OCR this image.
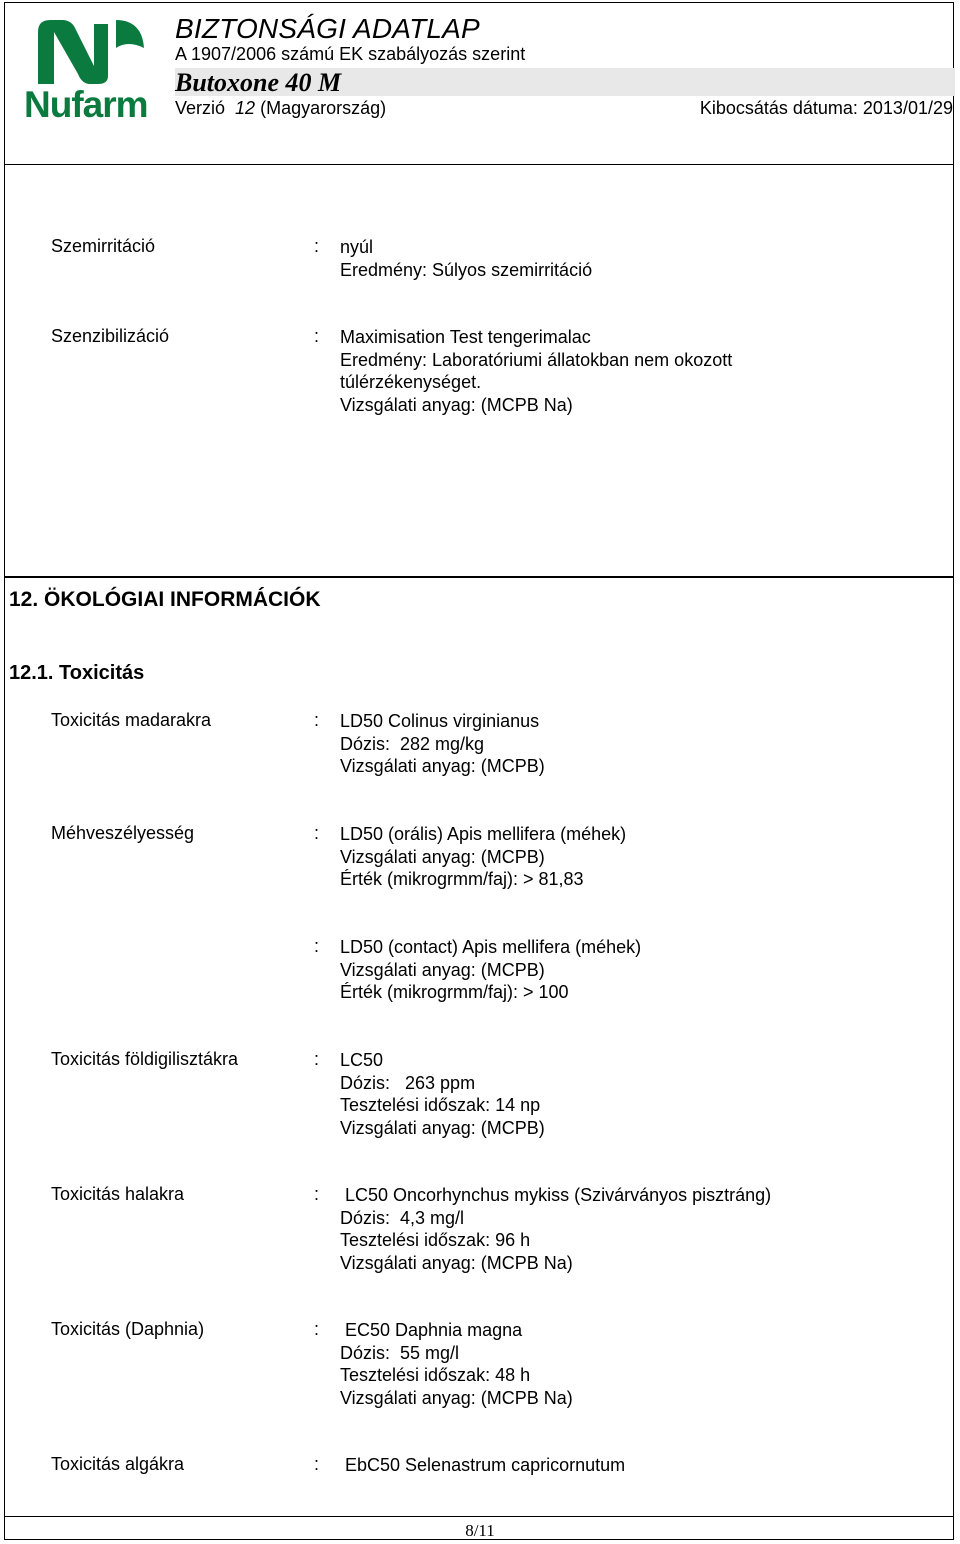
Nufarm
BIZTONSÁGI ADATLAP
A 1907/2006 számú EK szabályozás szerint
Butoxone 40 M
Verzió 12 (Magyarország)	Kibocsátás dátuma: 2013/01/29
Szemirritáció	: nyúl
Eredmény: Súlyos szemirritáció
Szenzibilizáció	: Maximisation Test tengerimalac
Eredmény: Laboratóriumi állatokban nem okozott
túlérzékenységet.
Vizsgálati anyag: (MCPB Na)
12. ÖKOLÓGIAI INFORMÁCIÓK
12.1. Toxicitás
Toxicitás madarakra	: LD50 Colinus virginianus
Dózis:  282 mg/kg
Vizsgálati anyag: (MCPB)
Méhveszélyesség	: LD50 (orális) Apis mellifera (méhek)
Vizsgálati anyag: (MCPB)
Érték (mikrogrmm/faj): > 81,83
: LD50 (contact) Apis mellifera (méhek)
Vizsgálati anyag: (MCPB)
Érték (mikrogrmm/faj): > 100
Toxicitás földigilisztákra	: LC50
Dózis:   263 ppm
Tesztelési időszak: 14 np
Vizsgálati anyag: (MCPB)
Toxicitás halakra	: LC50 Oncorhynchus mykiss (Szivárványos pisztráng)
Dózis:  4,3 mg/l
Tesztelési időszak: 96 h
Vizsgálati anyag: (MCPB Na)
Toxicitás (Daphnia)	: EC50 Daphnia magna
Dózis:  55 mg/l
Tesztelési időszak: 48 h
Vizsgálati anyag: (MCPB Na)
Toxicitás algákra	: EbC50 Selenastrum capricornutum
8/11
